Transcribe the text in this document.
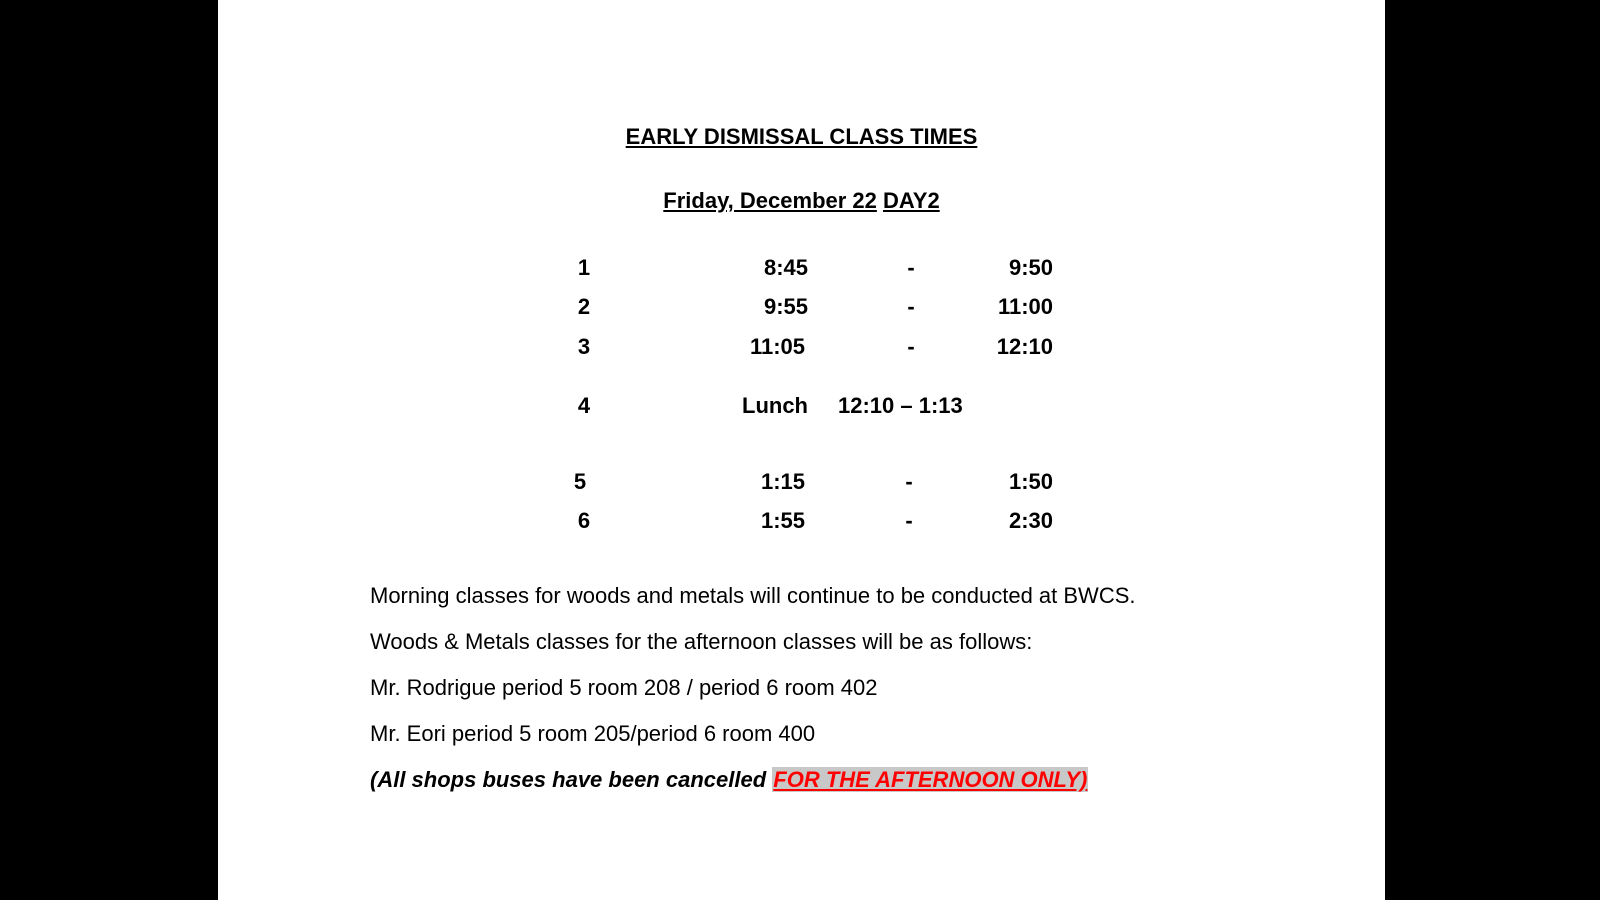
EARLY DISMISSAL CLASS TIMES
Friday, December 22 DAY2
1	8:45	-	9:50
2	9:55	-	11:00
3	11:05	-	12:10
4	Lunch 12:10 – 1:13
5	1:15	-	1:50
6	1:55	-	2:30
Morning classes for woods and metals will continue to be conducted at BWCS.
Woods & Metals classes for the afternoon classes will be as follows:
Mr. Rodrigue period 5 room 208 / period 6 room 402
Mr. Eori period 5 room 205/period 6 room 400
(All shops buses have been cancelled FOR THE AFTERNOON ONLY)
